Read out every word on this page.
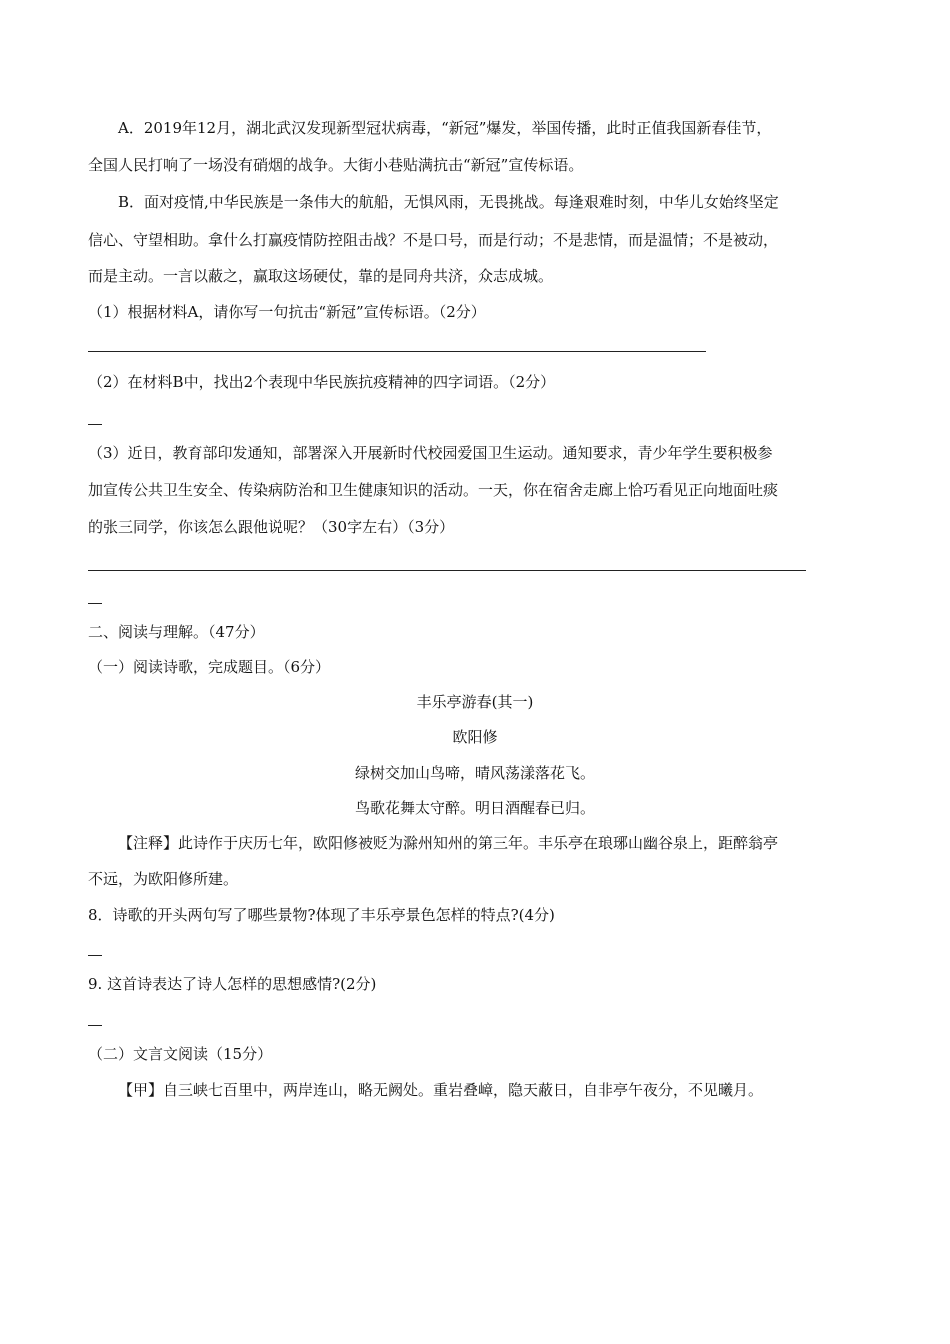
A．2019年12月，湖北武汉发现新型冠状病毒，“新冠”爆发，举国传播，此时正值我国新春佳节，
全国人民打响了一场没有硝烟的战争。大街小巷贴满抗击“新冠”宣传标语。
B．面对疫情,中华民族是一条伟大的航船，无惧风雨，无畏挑战。每逢艰难时刻，中华儿女始终坚定
信心、守望相助。拿什么打赢疫情防控阻击战？不是口号，而是行动；不是悲情，而是温情；不是被动，
而是主动。一言以蔽之，赢取这场硬仗，靠的是同舟共济，众志成城。
（1）根据材料A，请你写一句抗击“新冠”宣传标语。（2分）
（2）在材料B中，找出2个表现中华民族抗疫精神的四字词语。（2分）
（3）近日，教育部印发通知，部署深入开展新时代校园爱国卫生运动。通知要求，青少年学生要积极参
加宣传公共卫生安全、传染病防治和卫生健康知识的活动。一天，你在宿舍走廊上恰巧看见正向地面吐痰
的张三同学，你该怎么跟他说呢？（30字左右）（3分）
二、阅读与理解。（47分）
（一）阅读诗歌，完成题目。（6分）
丰乐亭游春(其一)
欧阳修
绿树交加山鸟啼，晴风荡漾落花飞。
鸟歌花舞太守醉。明日酒醒春已归。
【注释】此诗作于庆历七年，欧阳修被贬为滁州知州的第三年。丰乐亭在琅琊山幽谷泉上，距醉翁亭
不远，为欧阳修所建。
8．诗歌的开头两句写了哪些景物?体现了丰乐亭景色怎样的特点?(4分)
9. 这首诗表达了诗人怎样的思想感情?(2分)
（二）文言文阅读（15分）
【甲】自三峡七百里中，两岸连山，略无阙处。重岩叠嶂，隐天蔽日，自非亭午夜分，不见曦月。
